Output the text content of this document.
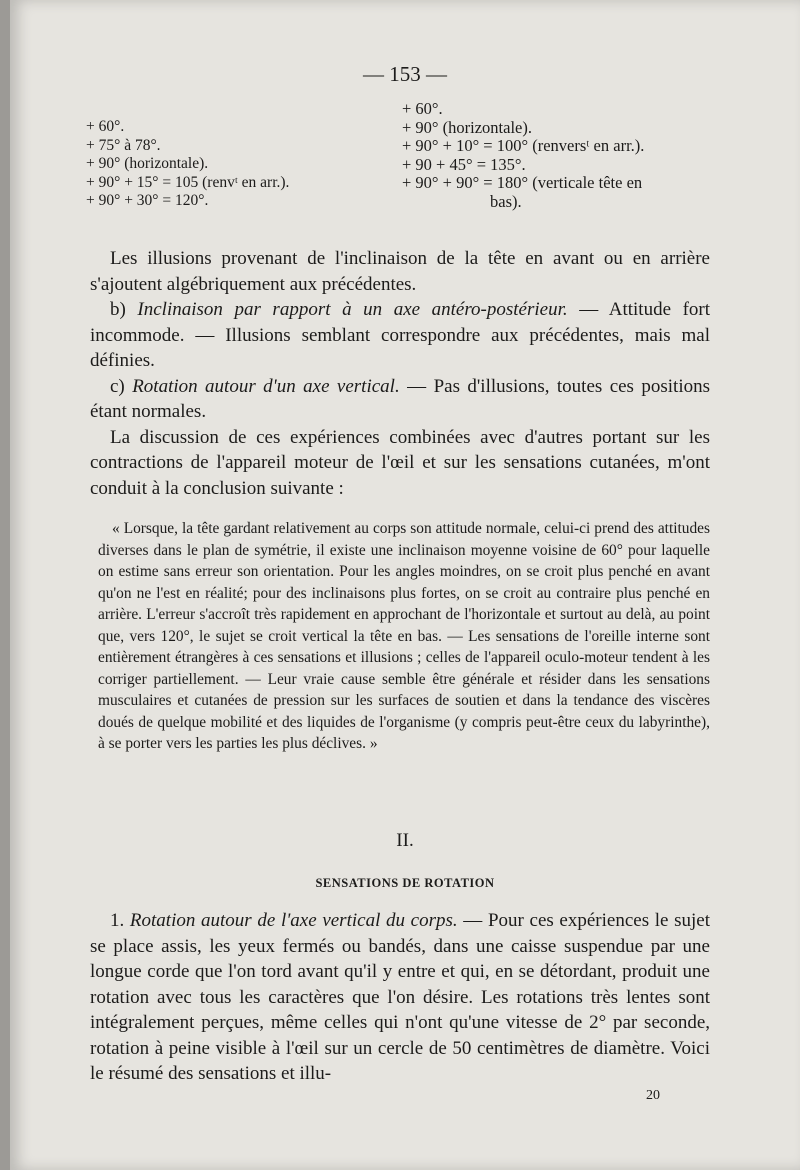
— 153 —
+ 60°.
+ 75° à 78°.
+ 90° (horizontale).
+ 90° + 15° = 105 (renvᵗ en arr.).
+ 90° + 30° = 120°.
+ 60°.
+ 90° (horizontale).
+ 90° + 10° = 100° (renversᵗ en arr.).
+ 90 + 45° = 135°.
+ 90° + 90° = 180° (verticale tête en
bas).

Les illusions provenant de l'inclinaison de la tête en avant ou en arrière s'ajoutent algébriquement aux précédentes.

b) Inclinaison par rapport à un axe antéro-postérieur. — Attitude fort incommode. — Illusions semblant correspondre aux précédentes, mais mal définies.

c) Rotation autour d'un axe vertical. — Pas d'illusions, toutes ces positions étant normales.

La discussion de ces expériences combinées avec d'autres portant sur les contractions de l'appareil moteur de l'œil et sur les sensations cutanées, m'ont conduit à la conclusion suivante :

« Lorsque, la tête gardant relativement au corps son attitude normale, celui-ci prend des attitudes diverses dans le plan de symétrie, il existe une inclinaison moyenne voisine de 60° pour laquelle on estime sans erreur son orientation. Pour les angles moindres, on se croit plus penché en avant qu'on ne l'est en réalité; pour des inclinaisons plus fortes, on se croit au contraire plus penché en arrière. L'erreur s'accroît très rapidement en approchant de l'horizontale et surtout au delà, au point que, vers 120°, le sujet se croit vertical la tête en bas. — Les sensations de l'oreille interne sont entièrement étrangères à ces sensations et illusions ; celles de l'appareil oculo-moteur tendent à les corriger partiellement. — Leur vraie cause semble être générale et résider dans les sensations musculaires et cutanées de pression sur les surfaces de soutien et dans la tendance des viscères doués de quelque mobilité et des liquides de l'organisme (y compris peut-être ceux du labyrinthe), à se porter vers les parties les plus déclives. »

II.
SENSATIONS DE ROTATION

1. Rotation autour de l'axe vertical du corps. — Pour ces expériences le sujet se place assis, les yeux fermés ou bandés, dans une caisse suspendue par une longue corde que l'on tord avant qu'il y entre et qui, en se détordant, produit une rotation avec tous les caractères que l'on désire. Les rotations très lentes sont intégralement perçues, même celles qui n'ont qu'une vitesse de 2° par seconde, rotation à peine visible à l'œil sur un cercle de 50 centimètres de diamètre. Voici le résumé des sensations et illu-

20
